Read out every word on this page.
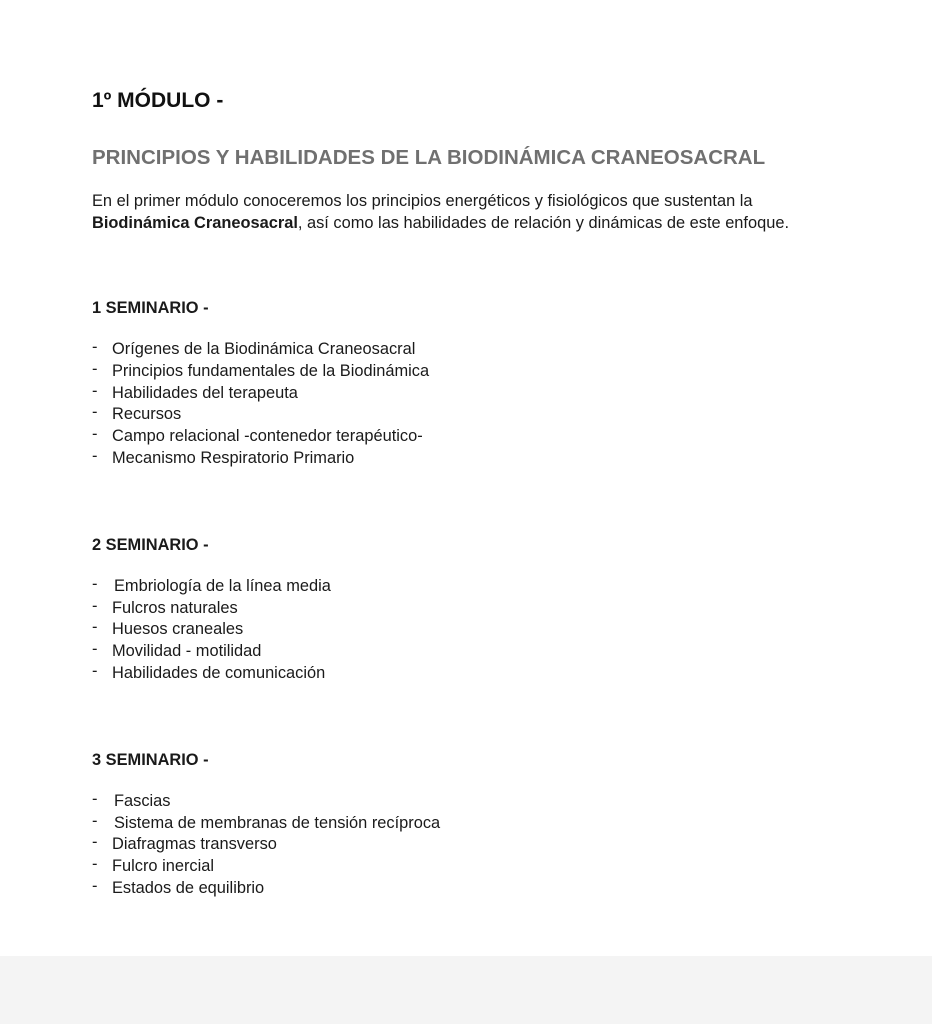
1º MÓDULO -
PRINCIPIOS Y HABILIDADES DE LA BIODINÁMICA CRANEOSACRAL

En el primer módulo conoceremos los principios energéticos y fisiológicos que sustentan la
Biodinámica Craneosacral, así como las habilidades de relación y dinámicas de este enfoque.

1 SEMINARIO -
- Orígenes de la Biodinámica Craneosacral
- Principios fundamentales de la Biodinámica
- Habilidades del terapeuta
- Recursos
- Campo relacional -contenedor terapéutico-
- Mecanismo Respiratorio Primario
2 SEMINARIO -
- Embriología de la línea media
- Fulcros naturales
- Huesos craneales
- Movilidad - motilidad
- Habilidades de comunicación
3 SEMINARIO -
- Fascias
- Sistema de membranas de tensión recíproca
- Diafragmas transverso
- Fulcro inercial
- Estados de equilibrio
